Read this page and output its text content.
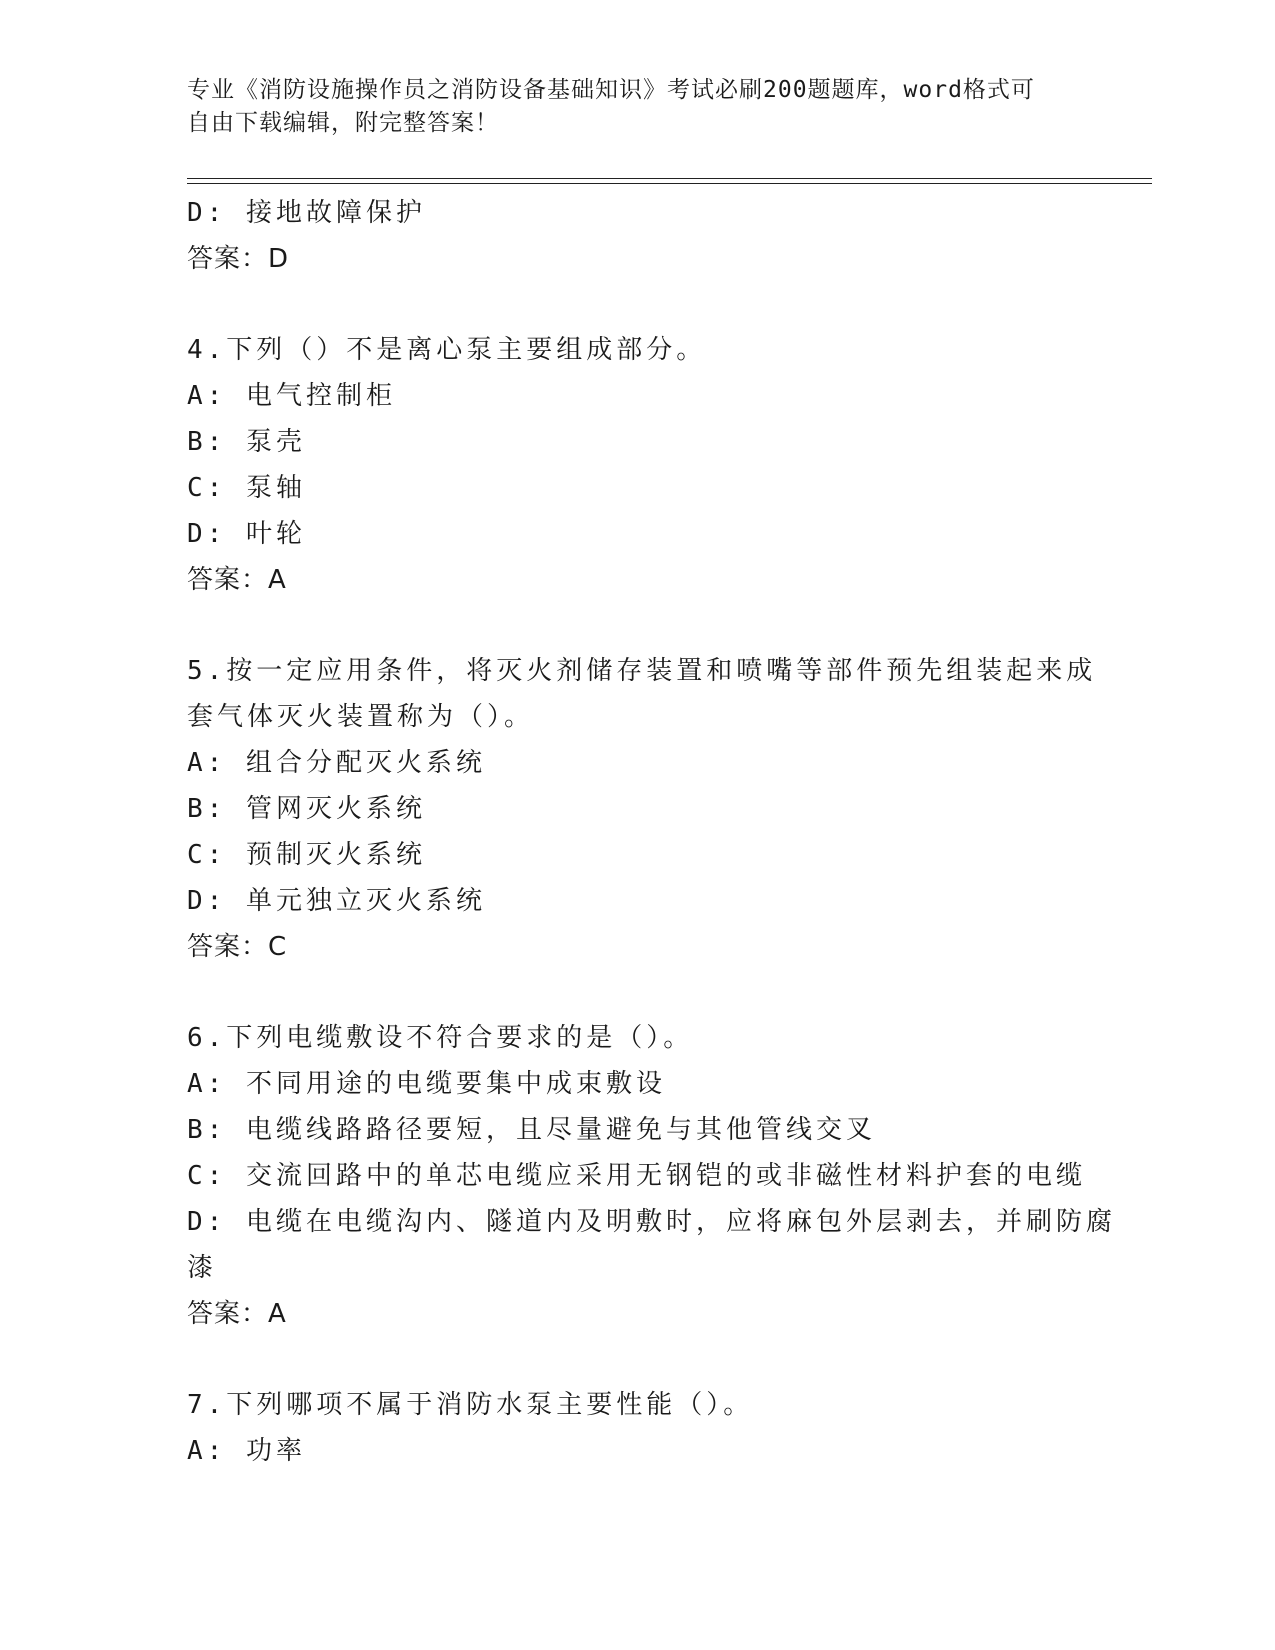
专业《消防设施操作员之消防设备基础知识》考试必刷200题题库，word格式可
自由下载编辑，附完整答案！
D: 接地故障保护
答案：D
4.下列（）不是离心泵主要组成部分。
A: 电气控制柜
B: 泵壳
C: 泵轴
D: 叶轮
答案：A
5.按一定应用条件，将灭火剂储存装置和喷嘴等部件预先组装起来成
套气体灭火装置称为（）。
A: 组合分配灭火系统
B: 管网灭火系统
C: 预制灭火系统
D: 单元独立灭火系统
答案：C
6.下列电缆敷设不符合要求的是（）。
A: 不同用途的电缆要集中成束敷设
B: 电缆线路路径要短，且尽量避免与其他管线交叉
C: 交流回路中的单芯电缆应采用无钢铠的或非磁性材料护套的电缆
D: 电缆在电缆沟内、隧道内及明敷时，应将麻包外层剥去，并刷防腐
漆
答案：A
7.下列哪项不属于消防水泵主要性能（）。
A: 功率
